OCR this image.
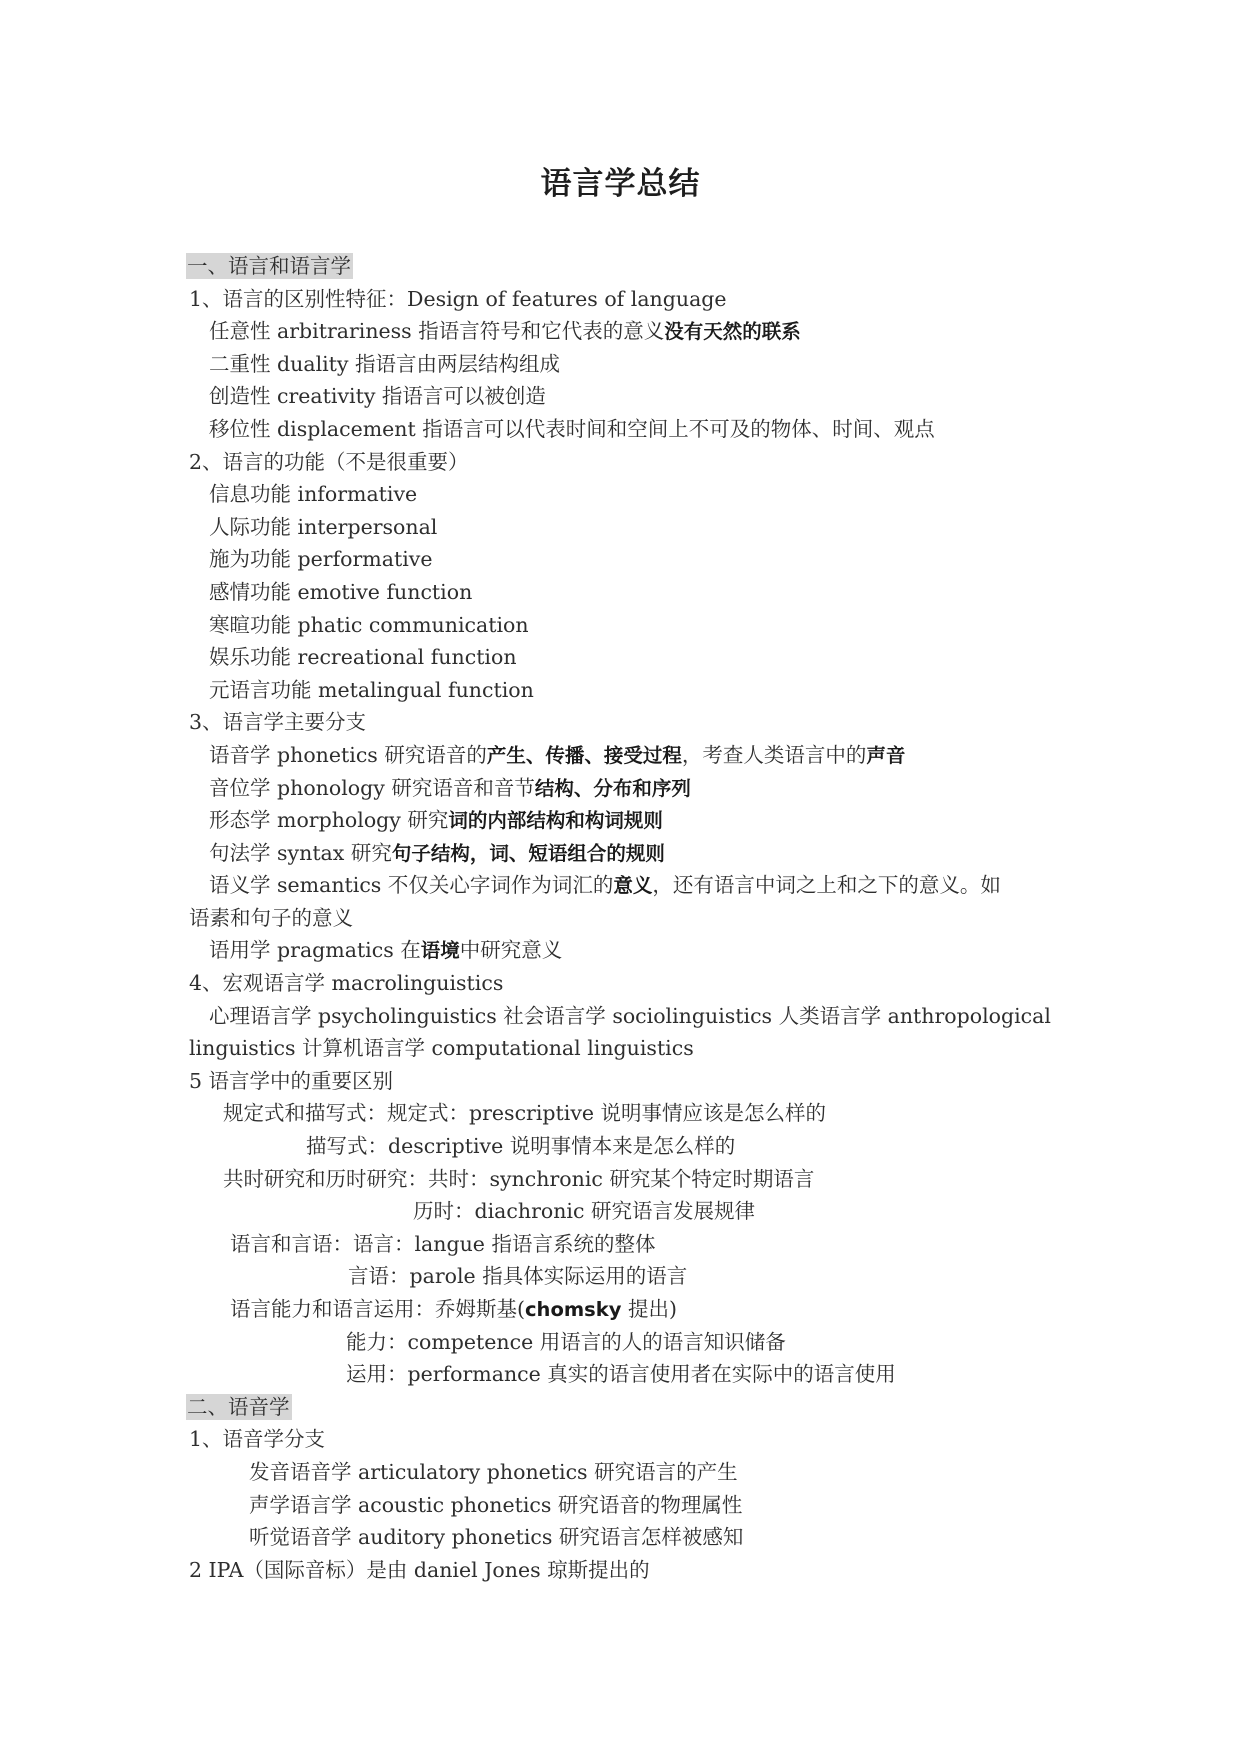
语言学总结
一、语言和语言学
1、语言的区别性特征：Design of features of language
任意性 arbitrariness 指语言符号和它代表的意义没有天然的联系
二重性 duality 指语言由两层结构组成
创造性 creativity 指语言可以被创造
移位性 displacement 指语言可以代表时间和空间上不可及的物体、时间、观点
2、语言的功能（不是很重要）
信息功能 informative
人际功能 interpersonal
施为功能 performative
感情功能 emotive function
寒暄功能 phatic communication
娱乐功能 recreational function
元语言功能 metalingual function
3、语言学主要分支
语音学 phonetics 研究语音的产生、传播、接受过程，考查人类语言中的声音
音位学 phonology 研究语音和音节结构、分布和序列
形态学 morphology 研究词的内部结构和构词规则
句法学 syntax 研究句子结构，词、短语组合的规则
语义学 semantics 不仅关心字词作为词汇的意义，还有语言中词之上和之下的意义。如
语素和句子的意义
语用学 pragmatics 在语境中研究意义
4、宏观语言学 macrolinguistics
心理语言学 psycholinguistics 社会语言学 sociolinguistics 人类语言学 anthropological
linguistics 计算机语言学 computational linguistics
5 语言学中的重要区别
规定式和描写式：规定式：prescriptive 说明事情应该是怎么样的
描写式：descriptive 说明事情本来是怎么样的
共时研究和历时研究：共时：synchronic 研究某个特定时期语言
历时：diachronic 研究语言发展规律
语言和言语：语言：langue 指语言系统的整体
言语：parole 指具体实际运用的语言
语言能力和语言运用：乔姆斯基(chomsky 提出)
能力：competence 用语言的人的语言知识储备
运用：performance 真实的语言使用者在实际中的语言使用
二、语音学
1、语音学分支
发音语音学 articulatory phonetics 研究语言的产生
声学语言学 acoustic phonetics 研究语音的物理属性
听觉语音学 auditory phonetics 研究语言怎样被感知
2 IPA（国际音标）是由 daniel Jones 琼斯提出的
